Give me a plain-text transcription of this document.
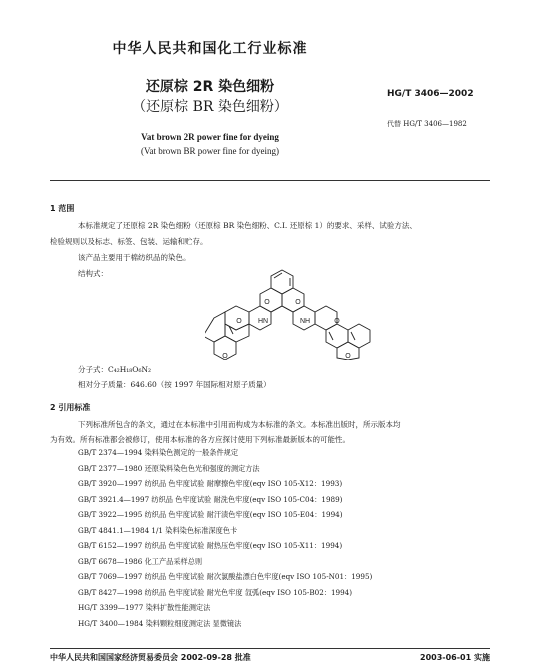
中华人民共和国化工行业标准
还原棕 2R 染色细粉
（还原棕 BR 染色细粉）
HG/T 3406—2002
代替 HG/T 3406—1982
Vat brown 2R power fine for dyeing
(Vat brown BR power fine for dyeing)
1 范围
本标准规定了还原棕 2R 染色细粉（还原棕 BR 染色细粉、C.I. 还原棕 1）的要求、采样、试验方法、
检验规则以及标志、标签、包装、运输和贮存。
该产品主要用于棉纺织品的染色。
结构式：
O	O
HN	NH
O	O
O	O
分子式：C₄₂H₁₈O₆N₂
相对分子质量：646.60（按 1997 年国际相对原子质量）
2 引用标准
下列标准所包含的条文，通过在本标准中引用而构成为本标准的条文。本标准出版时，所示版本均
为有效。所有标准都会被修订，使用本标准的各方应探讨使用下列标准最新版本的可能性。
GB/T 2374—1994 染料染色测定的一般条件规定
GB/T 2377—1980 还原染料染色色光和强度的测定方法
GB/T 3920—1997 纺织品 色牢度试验 耐摩擦色牢度(eqv ISO 105-X12：1993)
GB/T 3921.4—1997 纺织品 色牢度试验 耐洗色牢度(eqv ISO 105-C04：1989)
GB/T 3922—1995 纺织品 色牢度试验 耐汗渍色牢度(eqv ISO 105-E04：1994)
GB/T 4841.1—1984 1/1 染料染色标准深度色卡
GB/T 6152—1997 纺织品 色牢度试验 耐热压色牢度(eqv ISO 105-X11：1994)
GB/T 6678—1986 化工产品采样总则
GB/T 7069—1997 纺织品 色牢度试验 耐次氯酸盐漂白色牢度(eqv ISO 105-N01：1995)
GB/T 8427—1998 纺织品 色牢度试验 耐光色牢度 氙弧(eqv ISO 105-B02：1994)
HG/T 3399—1977 染料扩散性能测定法
HG/T 3400—1984 染料颗粒细度测定法 显微镜法
中华人民共和国国家经济贸易委员会 2002-09-28 批准	2003-06-01 实施
